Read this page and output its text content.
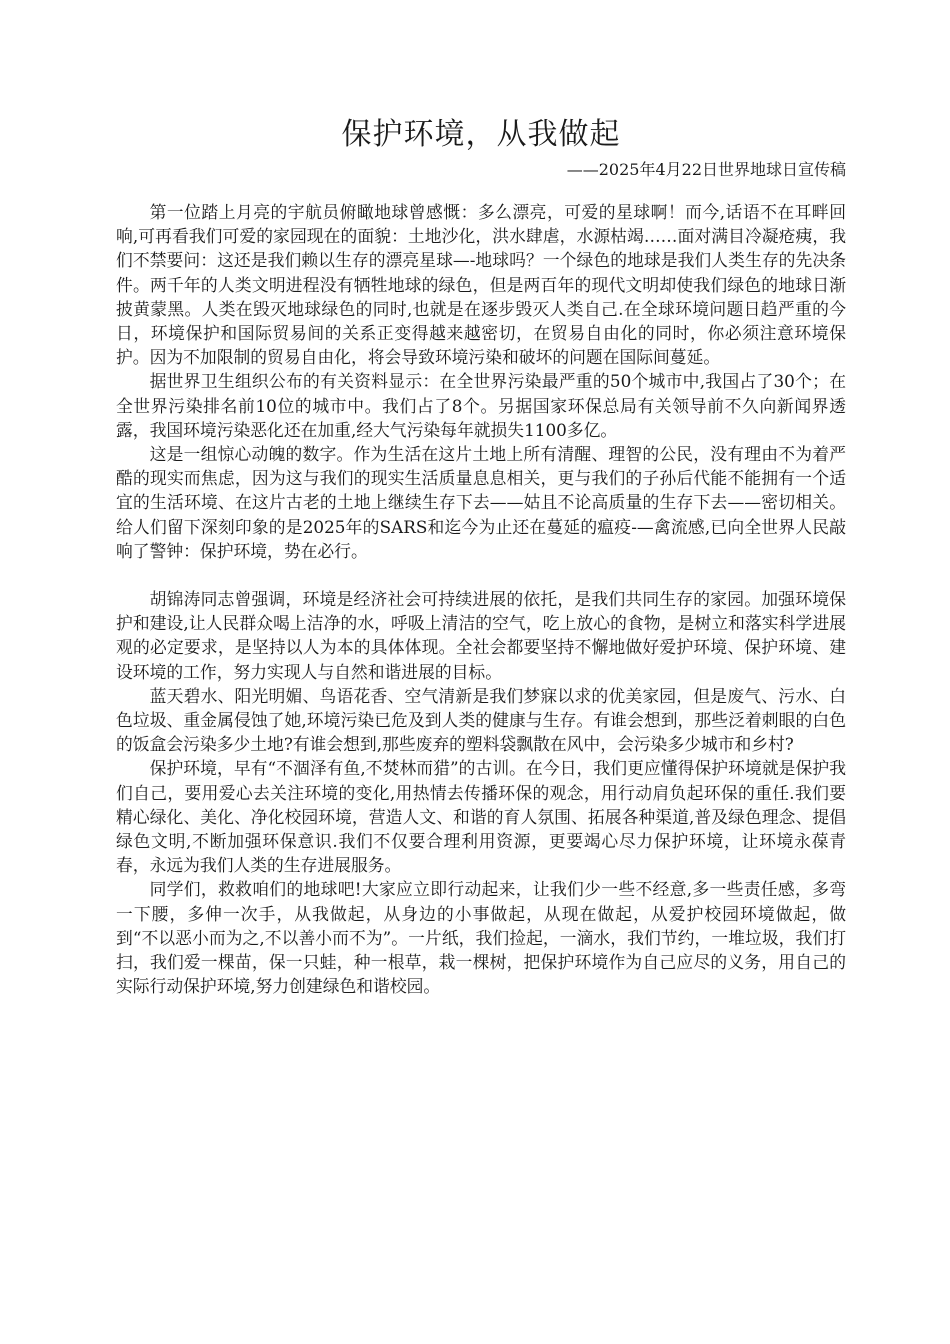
保护环境，从我做起

——2025年4月22日世界地球日宣传稿

第一位踏上月亮的宇航员俯瞰地球曾感慨：多么漂亮，可爱的星球啊！而今,话语不在耳畔回响,可再看我们可爱的家园现在的面貌：土地沙化，洪水肆虐，水源枯竭……面对满目冷凝疮痍，我们不禁要问：这还是我们赖以生存的漂亮星球—-地球吗？一个绿色的地球是我们人类生存的先决条件。两千年的人类文明进程没有牺牲地球的绿色，但是两百年的现代文明却使我们绿色的地球日渐披黄蒙黑。人类在毁灭地球绿色的同时,也就是在逐步毁灭人类自己.在全球环境问题日趋严重的今日，环境保护和国际贸易间的关系正变得越来越密切，在贸易自由化的同时，你必须注意环境保护。因为不加限制的贸易自由化，将会导致环境污染和破坏的问题在国际间蔓延。

据世界卫生组织公布的有关资料显示：在全世界污染最严重的50个城市中,我国占了30个；在全世界污染排名前10位的城市中。我们占了8个。另据国家环保总局有关领导前不久向新闻界透露，我国环境污染恶化还在加重,经大气污染每年就损失1100多亿。

这是一组惊心动魄的数字。作为生活在这片土地上所有清醒、理智的公民，没有理由不为着严酷的现实而焦虑，因为这与我们的现实生活质量息息相关，更与我们的子孙后代能不能拥有一个适宜的生活环境、在这片古老的土地上继续生存下去——姑且不论高质量的生存下去——密切相关。给人们留下深刻印象的是2025年的SARS和迄今为止还在蔓延的瘟疫-—禽流感,已向全世界人民敲响了警钟：保护环境，势在必行。

胡锦涛同志曾强调，环境是经济社会可持续进展的依托，是我们共同生存的家园。加强环境保护和建设,让人民群众喝上洁净的水，呼吸上清洁的空气，吃上放心的食物，是树立和落实科学进展观的必定要求，是坚持以人为本的具体体现。全社会都要坚持不懈地做好爱护环境、保护环境、建设环境的工作，努力实现人与自然和谐进展的目标。

蓝天碧水、阳光明媚、鸟语花香、空气清新是我们梦寐以求的优美家园，但是废气、污水、白色垃圾、重金属侵蚀了她,环境污染已危及到人类的健康与生存。有谁会想到，那些泛着刺眼的白色的饭盒会污染多少土地?有谁会想到,那些废弃的塑料袋飘散在风中，会污染多少城市和乡村?

保护环境，早有“不涸泽有鱼,不焚林而猎”的古训。在今日，我们更应懂得保护环境就是保护我们自己，要用爱心去关注环境的变化,用热情去传播环保的观念，用行动肩负起环保的重任.我们要精心绿化、美化、净化校园环境，营造人文、和谐的育人氛围、拓展各种渠道,普及绿色理念、提倡绿色文明,不断加强环保意识.我们不仅要合理利用资源，更要竭心尽力保护环境，让环境永葆青春，永远为我们人类的生存进展服务。

同学们，救救咱们的地球吧!大家应立即行动起来，让我们少一些不经意,多一些责任感，多弯一下腰，多伸一次手，从我做起，从身边的小事做起，从现在做起，从爱护校园环境做起，做到“不以恶小而为之,不以善小而不为”。一片纸，我们捡起，一滴水，我们节约，一堆垃圾，我们打扫，我们爱一棵苗，保一只蛙，种一根草，栽一棵树，把保护环境作为自己应尽的义务，用自己的实际行动保护环境,努力创建绿色和谐校园。
